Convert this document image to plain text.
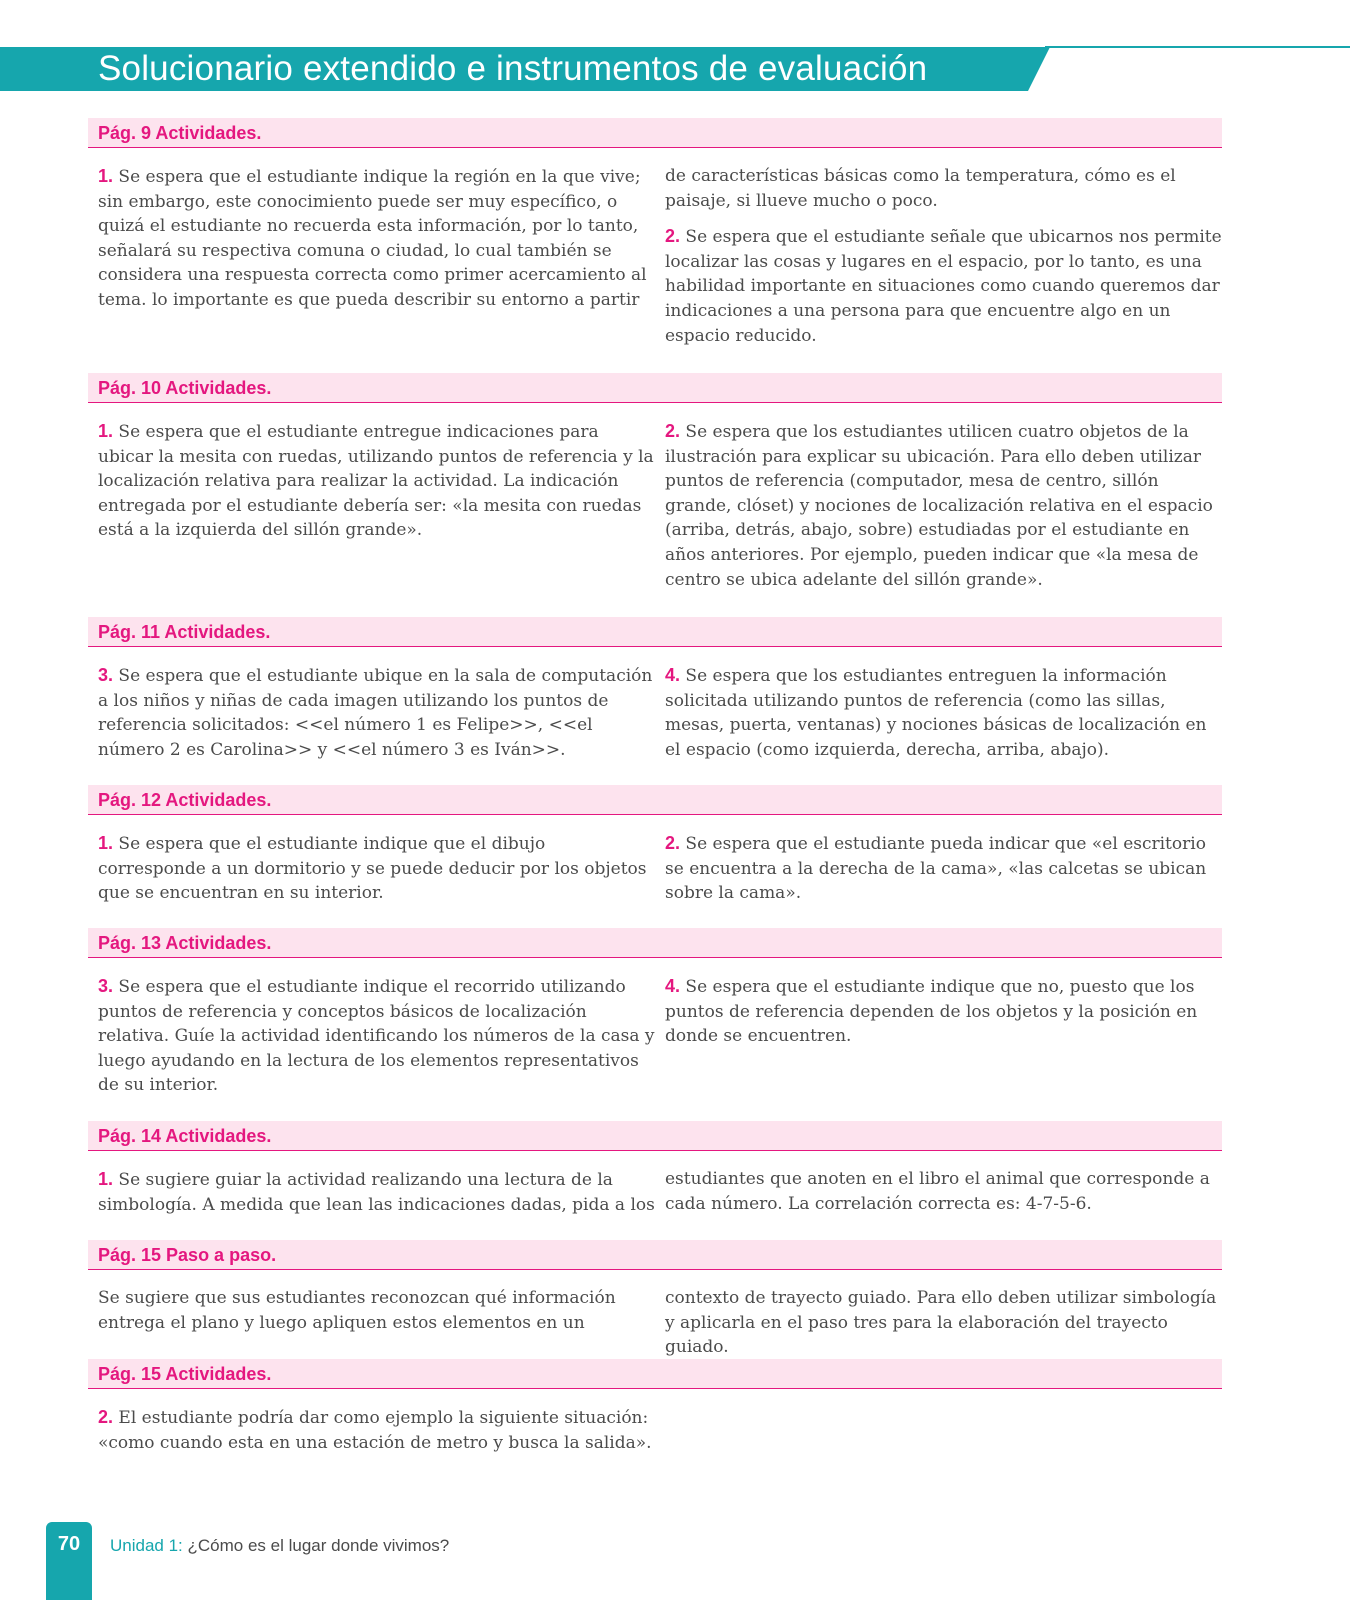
Solucionario extendido e instrumentos de evaluación
Pág. 9 Actividades.

1. Se espera que el estudiante indique la región en la que vive; sin embargo, este conocimiento puede ser muy específico, o quizá el estudiante no recuerda esta información, por lo tanto, señalará su respectiva comuna o ciudad, lo cual también se considera una respuesta correcta como primer acercamiento al tema. lo importante es que pueda describir su entorno a partir

de características básicas como la temperatura, cómo es el paisaje, si llueve mucho o poco.

2. Se espera que el estudiante señale que ubicarnos nos permite localizar las cosas y lugares en el espacio, por lo tanto, es una habilidad importante en situaciones como cuando queremos dar indicaciones a una persona para que encuentre algo en un espacio reducido.

Pág. 10 Actividades.

1. Se espera que el estudiante entregue indicaciones para ubicar la mesita con ruedas, utilizando puntos de referencia y la localización relativa para realizar la actividad. La indicación entregada por el estudiante debería ser: «la mesita con ruedas está a la izquierda del sillón grande».

2. Se espera que los estudiantes utilicen cuatro objetos de la ilustración para explicar su ubicación. Para ello deben utilizar puntos de referencia (computador, mesa de centro, sillón grande, clóset) y nociones de localización relativa en el espacio (arriba, detrás, abajo, sobre) estudiadas por el estudiante en años anteriores. Por ejemplo, pueden indicar que «la mesa de centro se ubica adelante del sillón grande».

Pág. 11 Actividades.

3. Se espera que el estudiante ubique en la sala de computación a los niños y niñas de cada imagen utilizando los puntos de referencia solicitados: <<el número 1 es Felipe>>, <<el número 2 es Carolina>> y <<el número 3 es Iván>>.

4. Se espera que los estudiantes entreguen la información solicitada utilizando puntos de referencia (como las sillas, mesas, puerta, ventanas) y nociones básicas de localización en el espacio (como izquierda, derecha, arriba, abajo).

Pág. 12 Actividades.

1. Se espera que el estudiante indique que el dibujo corresponde a un dormitorio y se puede deducir por los objetos que se encuentran en su interior.

2. Se espera que el estudiante pueda indicar que «el escritorio se encuentra a la derecha de la cama», «las calcetas se ubican sobre la cama».

Pág. 13 Actividades.

3. Se espera que el estudiante indique el recorrido utilizando puntos de referencia y conceptos básicos de localización relativa. Guíe la actividad identificando los números de la casa y luego ayudando en la lectura de los elementos representativos de su interior.

4. Se espera que el estudiante indique que no, puesto que los puntos de referencia dependen de los objetos y la posición en donde se encuentren.

Pág. 14 Actividades.

1. Se sugiere guiar la actividad realizando una lectura de la simbología. A medida que lean las indicaciones dadas, pida a los

estudiantes que anoten en el libro el animal que corresponde a cada número. La correlación correcta es: 4-7-5-6.

Pág. 15 Paso a paso.

Se sugiere que sus estudiantes reconozcan qué información entrega el plano y luego apliquen estos elementos en un

contexto de trayecto guiado. Para ello deben utilizar simbología y aplicarla en el paso tres para la elaboración del trayecto guiado.

Pág. 15 Actividades.

2. El estudiante podría dar como ejemplo la siguiente situación: «como cuando esta en una estación de metro y busca la salida».

70	Unidad 1: ¿Cómo es el lugar donde vivimos?
